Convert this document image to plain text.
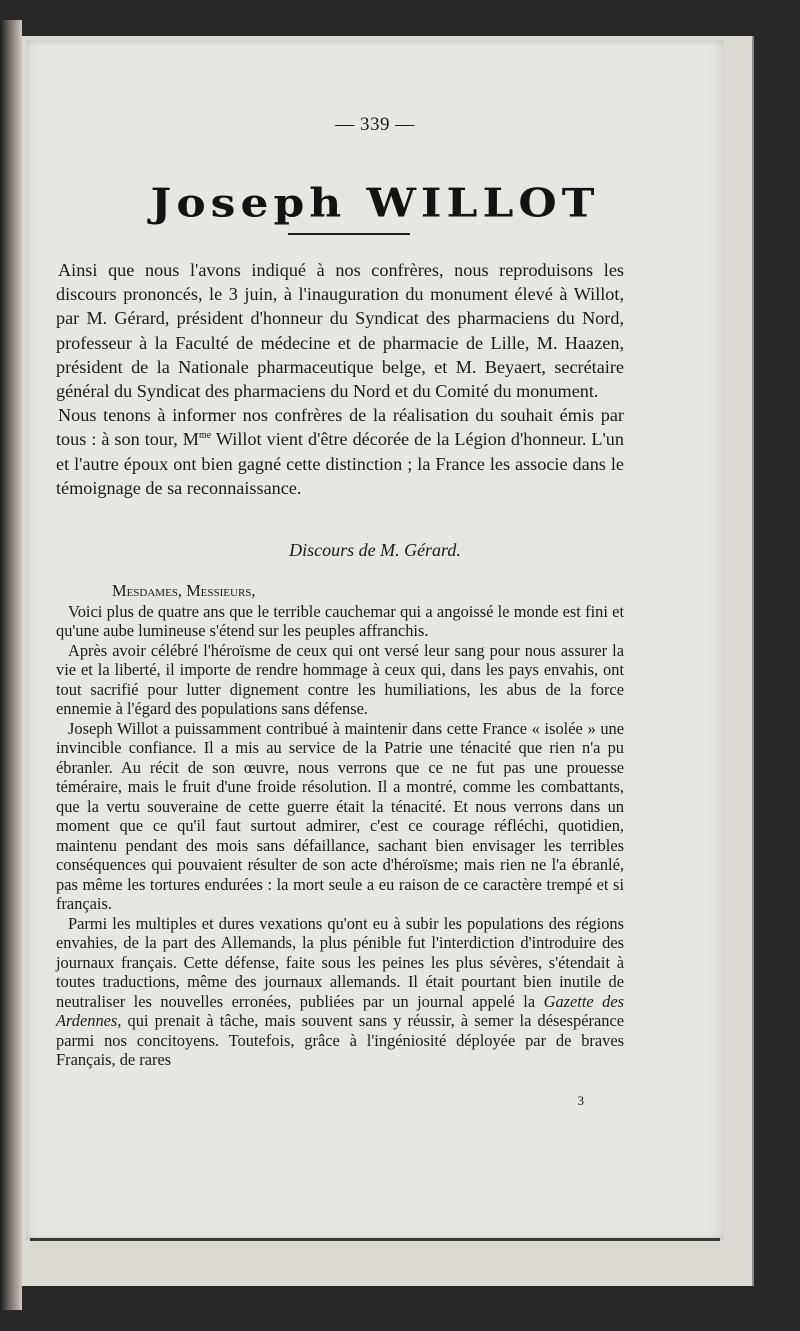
— 339 —
Joseph WILLOT

Ainsi que nous l'avons indiqué à nos confrères, nous reproduisons les discours prononcés, le 3 juin, à l'inauguration du monument élevé à Willot, par M. Gérard, président d'honneur du Syndicat des pharmaciens du Nord, professeur à la Faculté de médecine et de pharmacie de Lille, M. Haazen, président de la Nationale pharmaceutique belge, et M. Beyaert, secrétaire général du Syndicat des pharmaciens du Nord et du Comité du monument.

Nous tenons à informer nos confrères de la réalisation du souhait émis par tous : à son tour, $M^{me}$ Willot vient d'être décorée de la Légion d'honneur. L'un et l'autre époux ont bien gagné cette distinction ; la France les associe dans le témoignage de sa reconnaissance.

Discours de M. Gérard.

Mesdames, Messieurs,

Voici plus de quatre ans que le terrible cauchemar qui a angoissé le monde est fini et qu'une aube lumineuse s'étend sur les peuples affranchis.

Après avoir célébré l'héroïsme de ceux qui ont versé leur sang pour nous assurer la vie et la liberté, il importe de rendre hommage à ceux qui, dans les pays envahis, ont tout sacrifié pour lutter dignement contre les humiliations, les abus de la force ennemie à l'égard des populations sans défense.

Joseph Willot a puissamment contribué à maintenir dans cette France « isolée » une invincible confiance. Il a mis au service de la Patrie une ténacité que rien n'a pu ébranler. Au récit de son œuvre, nous verrons que ce ne fut pas une prouesse téméraire, mais le fruit d'une froide résolution. Il a montré, comme les combattants, que la vertu souveraine de cette guerre était la ténacité. Et nous verrons dans un moment que ce qu'il faut surtout admirer, c'est ce courage réfléchi, quotidien, maintenu pendant des mois sans défaillance, sachant bien envisager les terribles conséquences qui pouvaient résulter de son acte d'héroïsme; mais rien ne l'a ébranlé, pas même les tortures endurées : la mort seule a eu raison de ce caractère trempé et si français.

Parmi les multiples et dures vexations qu'ont eu à subir les populations des régions envahies, de la part des Allemands, la plus pénible fut l'interdiction d'introduire des journaux français. Cette défense, faite sous les peines les plus sévères, s'étendait à toutes traductions, même des journaux allemands. Il était pourtant bien inutile de neutraliser les nouvelles erronées, publiées par un journal appelé la Gazette des Ardennes, qui prenait à tâche, mais souvent sans y réussir, à semer la désespérance parmi nos concitoyens. Toutefois, grâce à l'ingéniosité déployée par de braves Français, de rares

3
